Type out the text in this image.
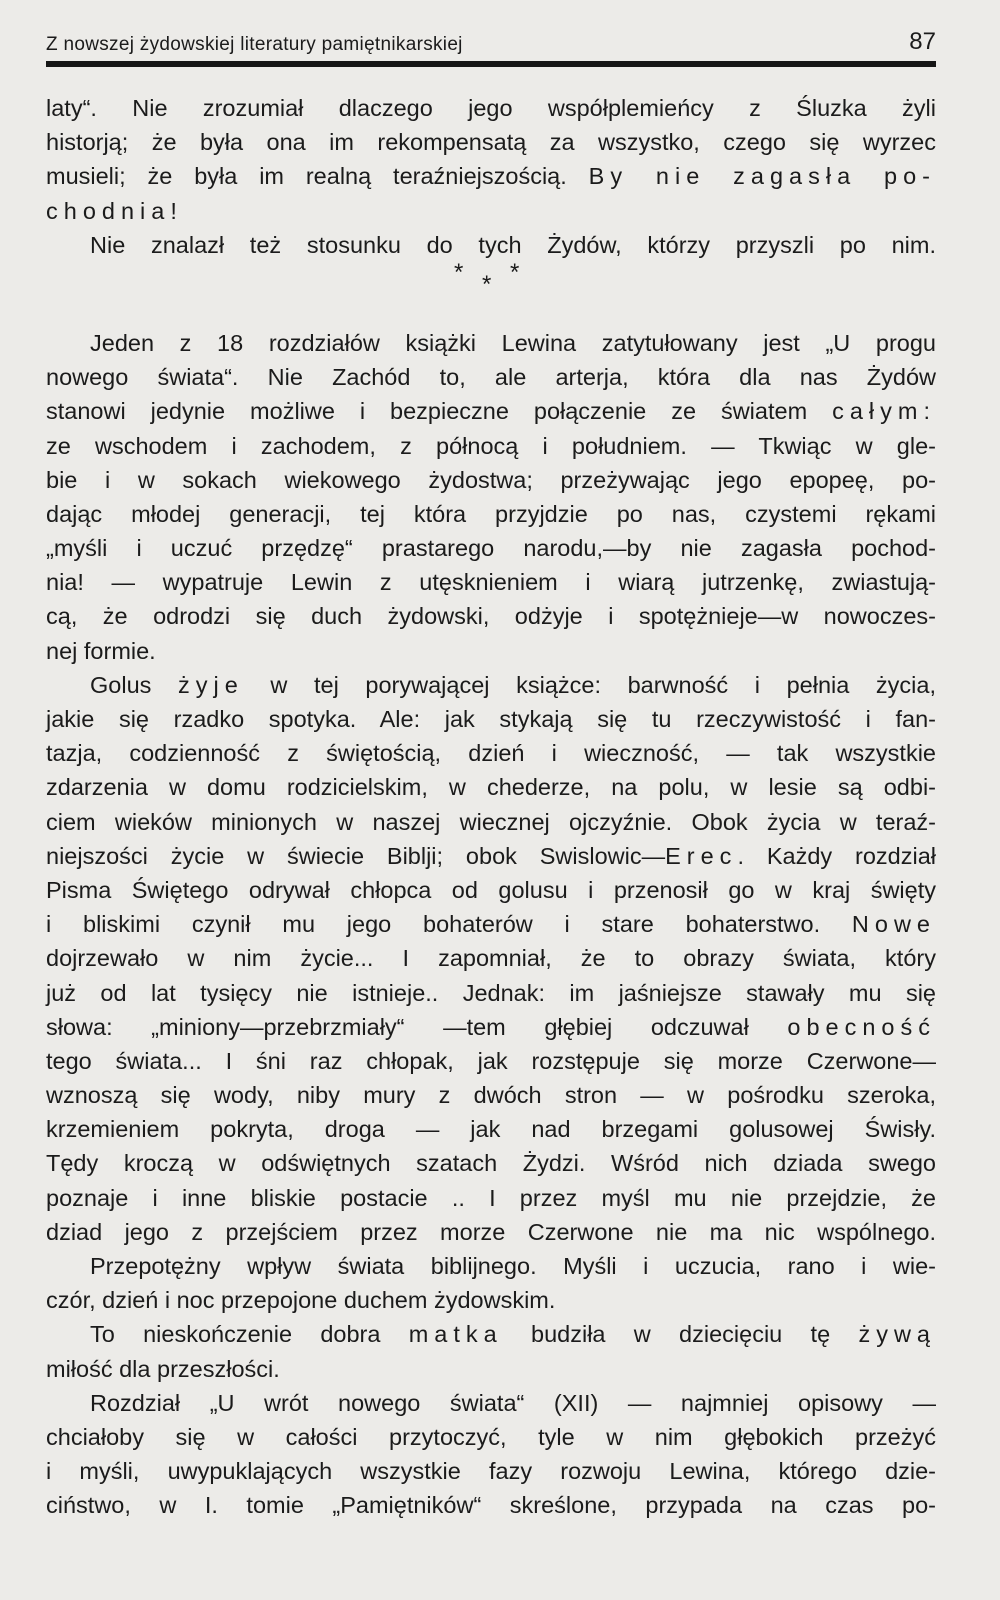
Z nowszej żydowskiej literatury pamiętnikarskiej	87
laty“. Nie zrozumiał dlaczego jego współplemieńcy z Śluzka żyli
historją; że była ona im rekompensatą za wszystko, czego się wyrzec
musieli; że była im realną teraźniejszością. By nie zagasła po-
chodnia!
Nie znalazł też stosunku do tych Żydów, którzy przyszli po nim.
* * *
Jeden z 18 rozdziałów książki Lewina zatytułowany jest „U progu
nowego świata“. Nie Zachód to, ale arterja, która dla nas Żydów
stanowi jedynie możliwe i bezpieczne połączenie ze światem całym:
ze wschodem i zachodem, z północą i południem. — Tkwiąc w gle-
bie i w sokach wiekowego żydostwa; przeżywając jego epopeę, po-
dając młodej generacji, tej która przyjdzie po nas, czystemi rękami
„myśli i uczuć przędzę“ prastarego narodu,—by nie zagasła pochod-
nia! — wypatruje Lewin z utęsknieniem i wiarą jutrzenkę, zwiastują-
cą, że odrodzi się duch żydowski, odżyje i spotężnieje—w nowoczes-
nej formie.
Golus żyje w tej porywającej książce: barwność i pełnia życia,
jakie się rzadko spotyka. Ale: jak stykają się tu rzeczywistość i fan-
tazja, codzienność z świętością, dzień i wieczność, — tak wszystkie
zdarzenia w domu rodzicielskim, w chederze, na polu, w lesie są odbi-
ciem wieków minionych w naszej wiecznej ojczyźnie. Obok życia w teraź-
niejszości życie w świecie Biblji; obok Swislowic—Erec. Każdy rozdział
Pisma Świętego odrywał chłopca od golusu i przenosił go w kraj święty
i bliskimi czynił mu jego bohaterów i stare bohaterstwo. Nowe
dojrzewało w nim życie... I zapomniał, że to obrazy świata, który
już od lat tysięcy nie istnieje.. Jednak: im jaśniejsze stawały mu się
słowa: „miniony—przebrzmiały“ —tem głębiej odczuwał obecność
tego świata... I śni raz chłopak, jak rozstępuje się morze Czerwone—
wznoszą się wody, niby mury z dwóch stron — w pośrodku szeroka,
krzemieniem pokryta, droga — jak nad brzegami golusowej Świsły.
Tędy kroczą w odświętnych szatach Żydzi. Wśród nich dziada swego
poznaje i inne bliskie postacie .. I przez myśl mu nie przejdzie, że
dziad jego z przejściem przez morze Czerwone nie ma nic wspólnego.
Przepotężny wpływ świata biblijnego. Myśli i uczucia, rano i wie-
czór, dzień i noc przepojone duchem żydowskim.
To nieskończenie dobra matka budziła w dziecięciu tę żywą
miłość dla przeszłości.
Rozdział „U wrót nowego świata“ (XII) — najmniej opisowy —
chciałoby się w całości przytoczyć, tyle w nim głębokich przeżyć
i myśli, uwypuklających wszystkie fazy rozwoju Lewina, którego dzie-
ciństwo, w I. tomie „Pamiętników“ skreślone, przypada na czas po-
